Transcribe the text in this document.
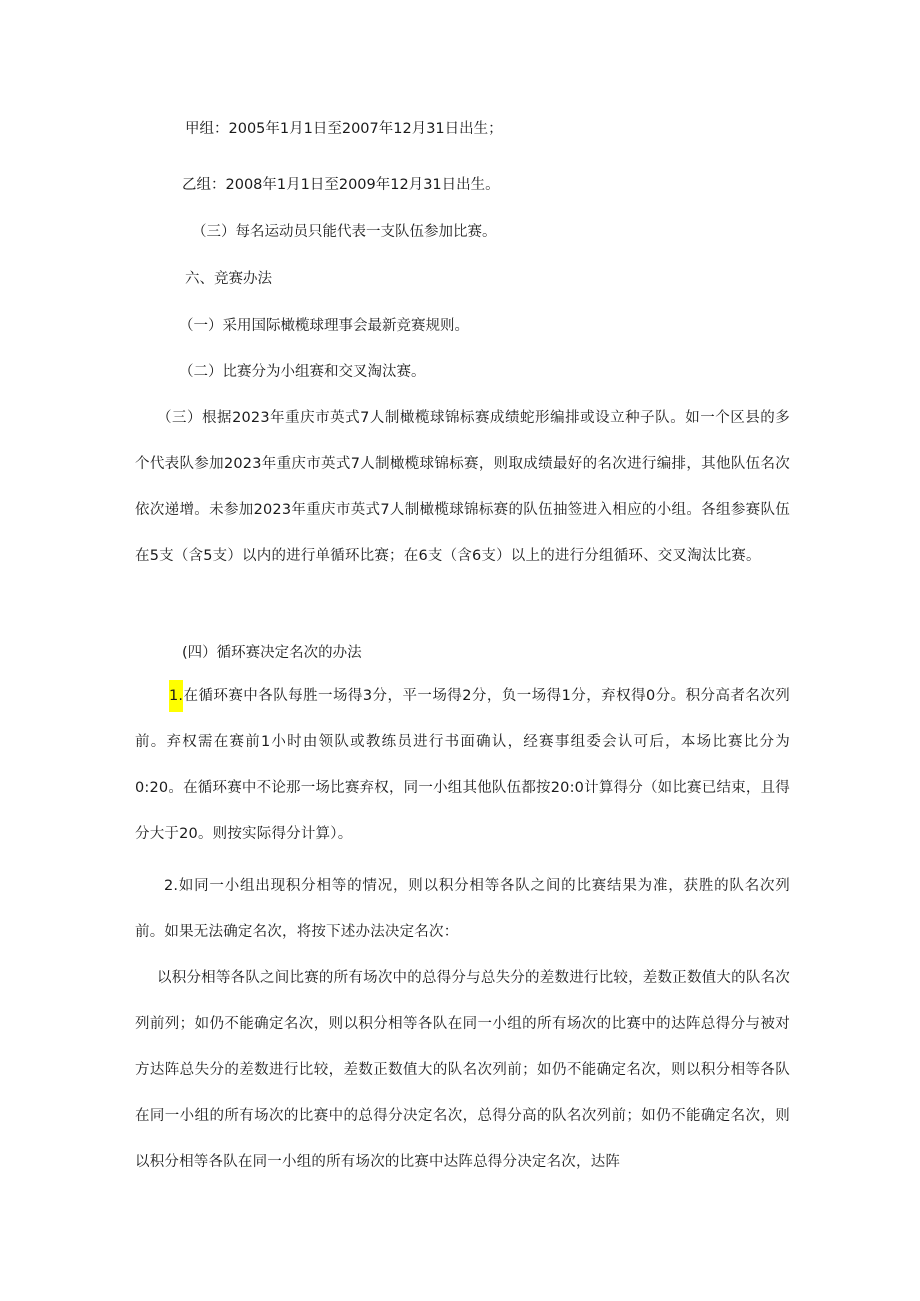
甲组：2005年1月1日至2007年12月31日出生；

乙组：2008年1月1日至2009年12月31日出生。

（三）每名运动员只能代表一支队伍参加比赛。

六、竞赛办法

（一）采用国际橄榄球理事会最新竞赛规则。

（二）比赛分为小组赛和交叉淘汰赛。

（三）根据2023年重庆市英式7人制橄榄球锦标赛成绩蛇形编排或设立种子队。如一个区县的多个代表队参加2023年重庆市英式7人制橄榄球锦标赛，则取成绩最好的名次进行编排，其他队伍名次依次递增。未参加2023年重庆市英式7人制橄榄球锦标赛的队伍抽签进入相应的小组。各组参赛队伍在5支（含5支）以内的进行单循环比赛；在6支（含6支）以上的进行分组循环、交叉淘汰比赛。

(四）循环赛决定名次的办法

1.在循环赛中各队每胜一场得3分，平一场得2分，负一场得1分，弃权得0分。积分高者名次列前。弃权需在赛前1小时由领队或教练员进行书面确认，经赛事组委会认可后，本场比赛比分为0:20。在循环赛中不论那一场比赛弃权，同一小组其他队伍都按20:0计算得分（如比赛已结束，且得分大于20。则按实际得分计算）。

2.如同一小组出现积分相等的情况，则以积分相等各队之间的比赛结果为准，获胜的队名次列前。如果无法确定名次，将按下述办法决定名次：

以积分相等各队之间比赛的所有场次中的总得分与总失分的差数进行比较，差数正数值大的队名次列前列；如仍不能确定名次，则以积分相等各队在同一小组的所有场次的比赛中的达阵总得分与被对方达阵总失分的差数进行比较，差数正数值大的队名次列前；如仍不能确定名次，则以积分相等各队在同一小组的所有场次的比赛中的总得分决定名次，总得分高的队名次列前；如仍不能确定名次，则以积分相等各队在同一小组的所有场次的比赛中达阵总得分决定名次，达阵
